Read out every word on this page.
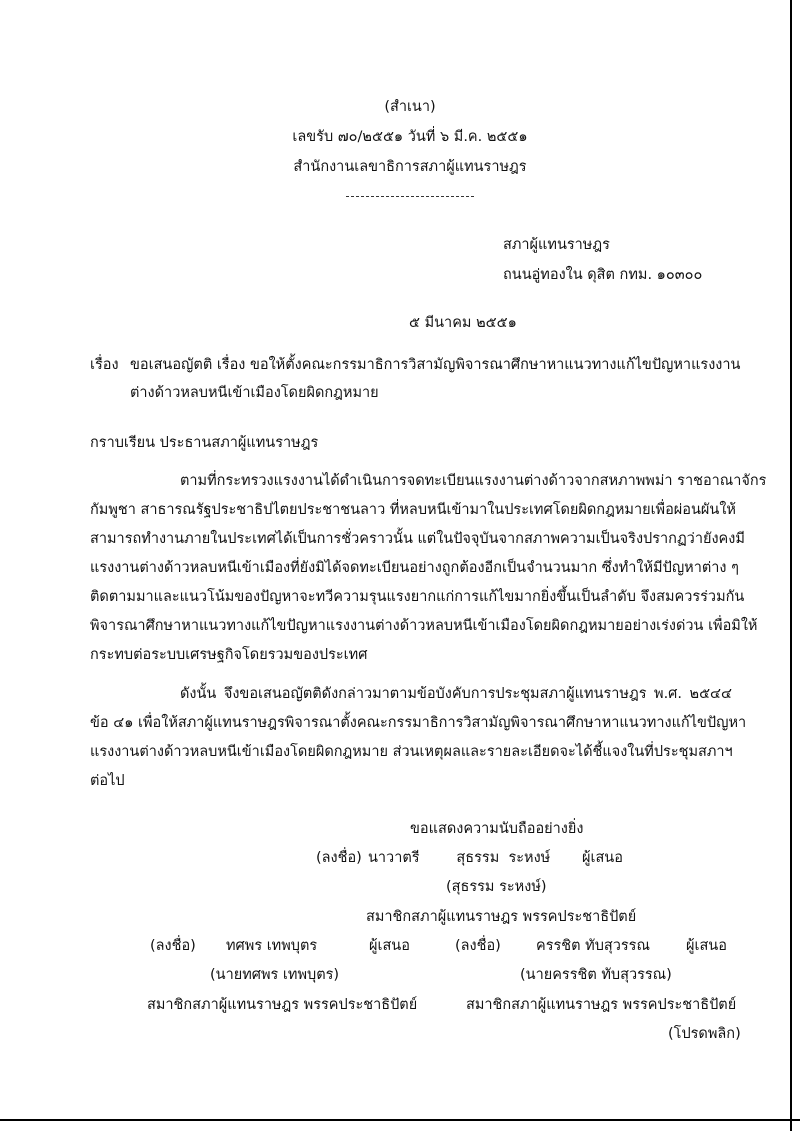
(สำเนา)
เลขรับ ๗๐/๒๕๕๑ วันที่ ๖ มี.ค. ๒๕๕๑
สำนักงานเลขาธิการสภาผู้แทนราษฎร
สภาผู้แทนราษฎร
ถนนอู่ทองใน ดุสิต กทม. ๑๐๓๐๐
๕ มีนาคม ๒๕๕๑
เรื่อง ขอเสนอญัตติ เรื่อง ขอให้ตั้งคณะกรรมาธิการวิสามัญพิจารณาศึกษาหาแนวทางแก้ไขปัญหาแรงงาน
ต่างด้าวหลบหนีเข้าเมืองโดยผิดกฎหมาย
กราบเรียน ประธานสภาผู้แทนราษฎร
ตามที่กระทรวงแรงงานได้ดำเนินการจดทะเบียนแรงงานต่างด้าวจากสหภาพพม่า ราชอาณาจักร
กัมพูชา สาธารณรัฐประชาธิปไตยประชาชนลาว ที่หลบหนีเข้ามาในประเทศโดยผิดกฎหมายเพื่อผ่อนผันให้
สามารถทำงานภายในประเทศได้เป็นการชั่วคราวนั้น แต่ในปัจจุบันจากสภาพความเป็นจริงปรากฏว่ายังคงมี
แรงงานต่างด้าวหลบหนีเข้าเมืองที่ยังมิได้จดทะเบียนอย่างถูกต้องอีกเป็นจำนวนมาก ซึ่งทำให้มีปัญหาต่าง ๆ
ติดตามมาและแนวโน้มของปัญหาจะทวีความรุนแรงยากแก่การแก้ไขมากยิ่งขึ้นเป็นลำดับ จึงสมควรร่วมกัน
พิจารณาศึกษาหาแนวทางแก้ไขปัญหาแรงงานต่างด้าวหลบหนีเข้าเมืองโดยผิดกฎหมายอย่างเร่งด่วน เพื่อมิให้
กระทบต่อระบบเศรษฐกิจโดยรวมของประเทศ
ดังนั้น จึงขอเสนอญัตติดังกล่าวมาตามข้อบังคับการประชุมสภาผู้แทนราษฎร พ.ศ. ๒๕๔๔
ข้อ ๔๑ เพื่อให้สภาผู้แทนราษฎรพิจารณาตั้งคณะกรรมาธิการวิสามัญพิจารณาศึกษาหาแนวทางแก้ไขปัญหา
แรงงานต่างด้าวหลบหนีเข้าเมืองโดยผิดกฎหมาย ส่วนเหตุผลและรายละเอียดจะได้ชี้แจงในที่ประชุมสภาฯ
ต่อไป
ขอแสดงความนับถืออย่างยิ่ง
(ลงชื่อ) นาวาตรี        สุธรรม  ระหงษ์ ผู้เสนอ
(สุธรรม ระหงษ์)
สมาชิกสภาผู้แทนราษฎร พรรคประชาธิปัตย์
(ลงชื่อ) ทศพร เทพบุตร	ผู้เสนอ
(นายทศพร เทพบุตร)
สมาชิกสภาผู้แทนราษฎร พรรคประชาธิปัตย์
(ลงชื่อ) ครรชิต ทับสุวรรณ ผู้เสนอ
(นายครรชิต ทับสุวรรณ)
สมาชิกสภาผู้แทนราษฎร พรรคประชาธิปัตย์
(โปรดพลิก)
